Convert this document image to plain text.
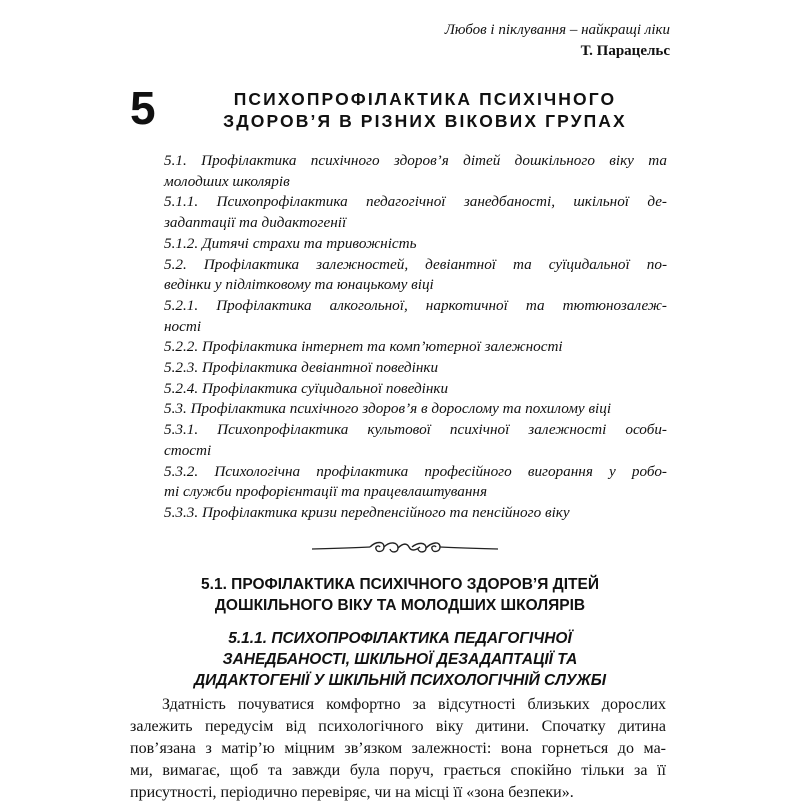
Любов і піклування – найкращі ліки
Т. Парацельс
5	ПСИХОПРОФІЛАКТИКА ПСИХІЧНОГО
ЗДОРОВ’Я В РІЗНИХ ВІКОВИХ ГРУПАХ
5.1. Профілактика психічного здоров’я дітей дошкільного віку та
молодших школярів
5.1.1. Психопрофілактика педагогічної занедбаності, шкільної де-
задаптації та дидактогенії
5.1.2. Дитячі страхи та тривожність
5.2. Профілактика залежностей, девіантної та суїцидальної по-
ведінки у підлітковому та юнацькому віці
5.2.1. Профілактика алкогольної, наркотичної та тютюнозалеж-
ності
5.2.2. Профілактика інтернет та комп’ютерної залежності
5.2.3. Профілактика девіантної поведінки
5.2.4. Профілактика суїцидальної поведінки
5.3. Профілактика психічного здоров’я в дорослому та похилому віці
5.3.1. Психопрофілактика культової психічної залежності особи-
стості
5.3.2. Психологічна профілактика професійного вигорання у робо-
ті служби профорієнтації та працевлаштування
5.3.3. Профілактика кризи передпенсійного та пенсійного віку
5.1. ПРОФІЛАКТИКА ПСИХІЧНОГО ЗДОРОВ’Я ДІТЕЙ
ДОШКІЛЬНОГО ВІКУ ТА МОЛОДШИХ ШКОЛЯРІВ
5.1.1. ПСИХОПРОФІЛАКТИКА ПЕДАГОГІЧНОЇ
ЗАНЕДБАНОСТІ, ШКІЛЬНОЇ ДЕЗАДАПТАЦІЇ ТА
ДИДАКТОГЕНІЇ У ШКІЛЬНІЙ ПСИХОЛОГІЧНІЙ СЛУЖБІ
Здатність почуватися комфортно за відсутності близьких дорослих
залежить передусім від психологічного віку дитини. Спочатку дитина
пов’язана з матір’ю міцним зв’язком залежності: вона горнеться до ма-
ми, вимагає, щоб та завжди була поруч, грається спокійно тільки за її
присутності, періодично перевіряє, чи на місці її «зона безпеки».
